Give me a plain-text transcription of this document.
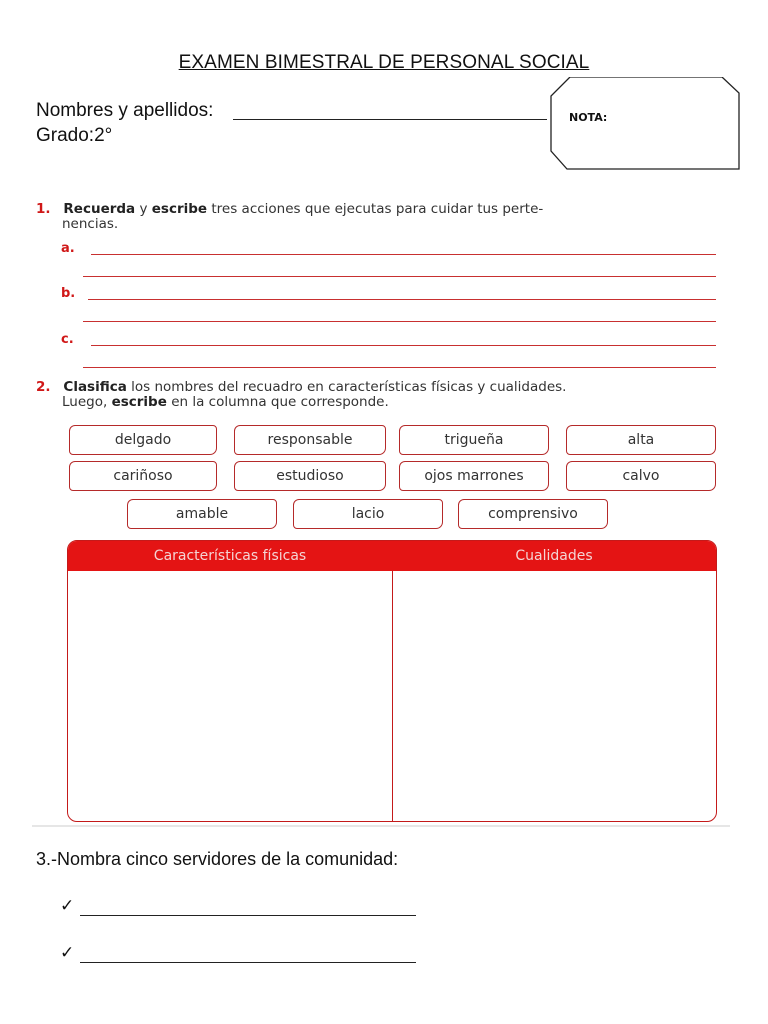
EXAMEN BIMESTRAL DE PERSONAL SOCIAL
Nombres y apellidos:
Grado:2°
NOTA:
1. Recuerda y escribe tres acciones que ejecutas para cuidar tus perte-
nencias.
a.
b.
c.
2. Clasifica los nombres del recuadro en características físicas y cualidades.
Luego, escribe en la columna que corresponde.
delgado	responsable	trigueña	alta
cariñoso	estudioso	ojos marrones	calvo
amable	lacio	comprensivo
Características físicas	Cualidades
3.-Nombra cinco servidores de la comunidad:
✓
✓
